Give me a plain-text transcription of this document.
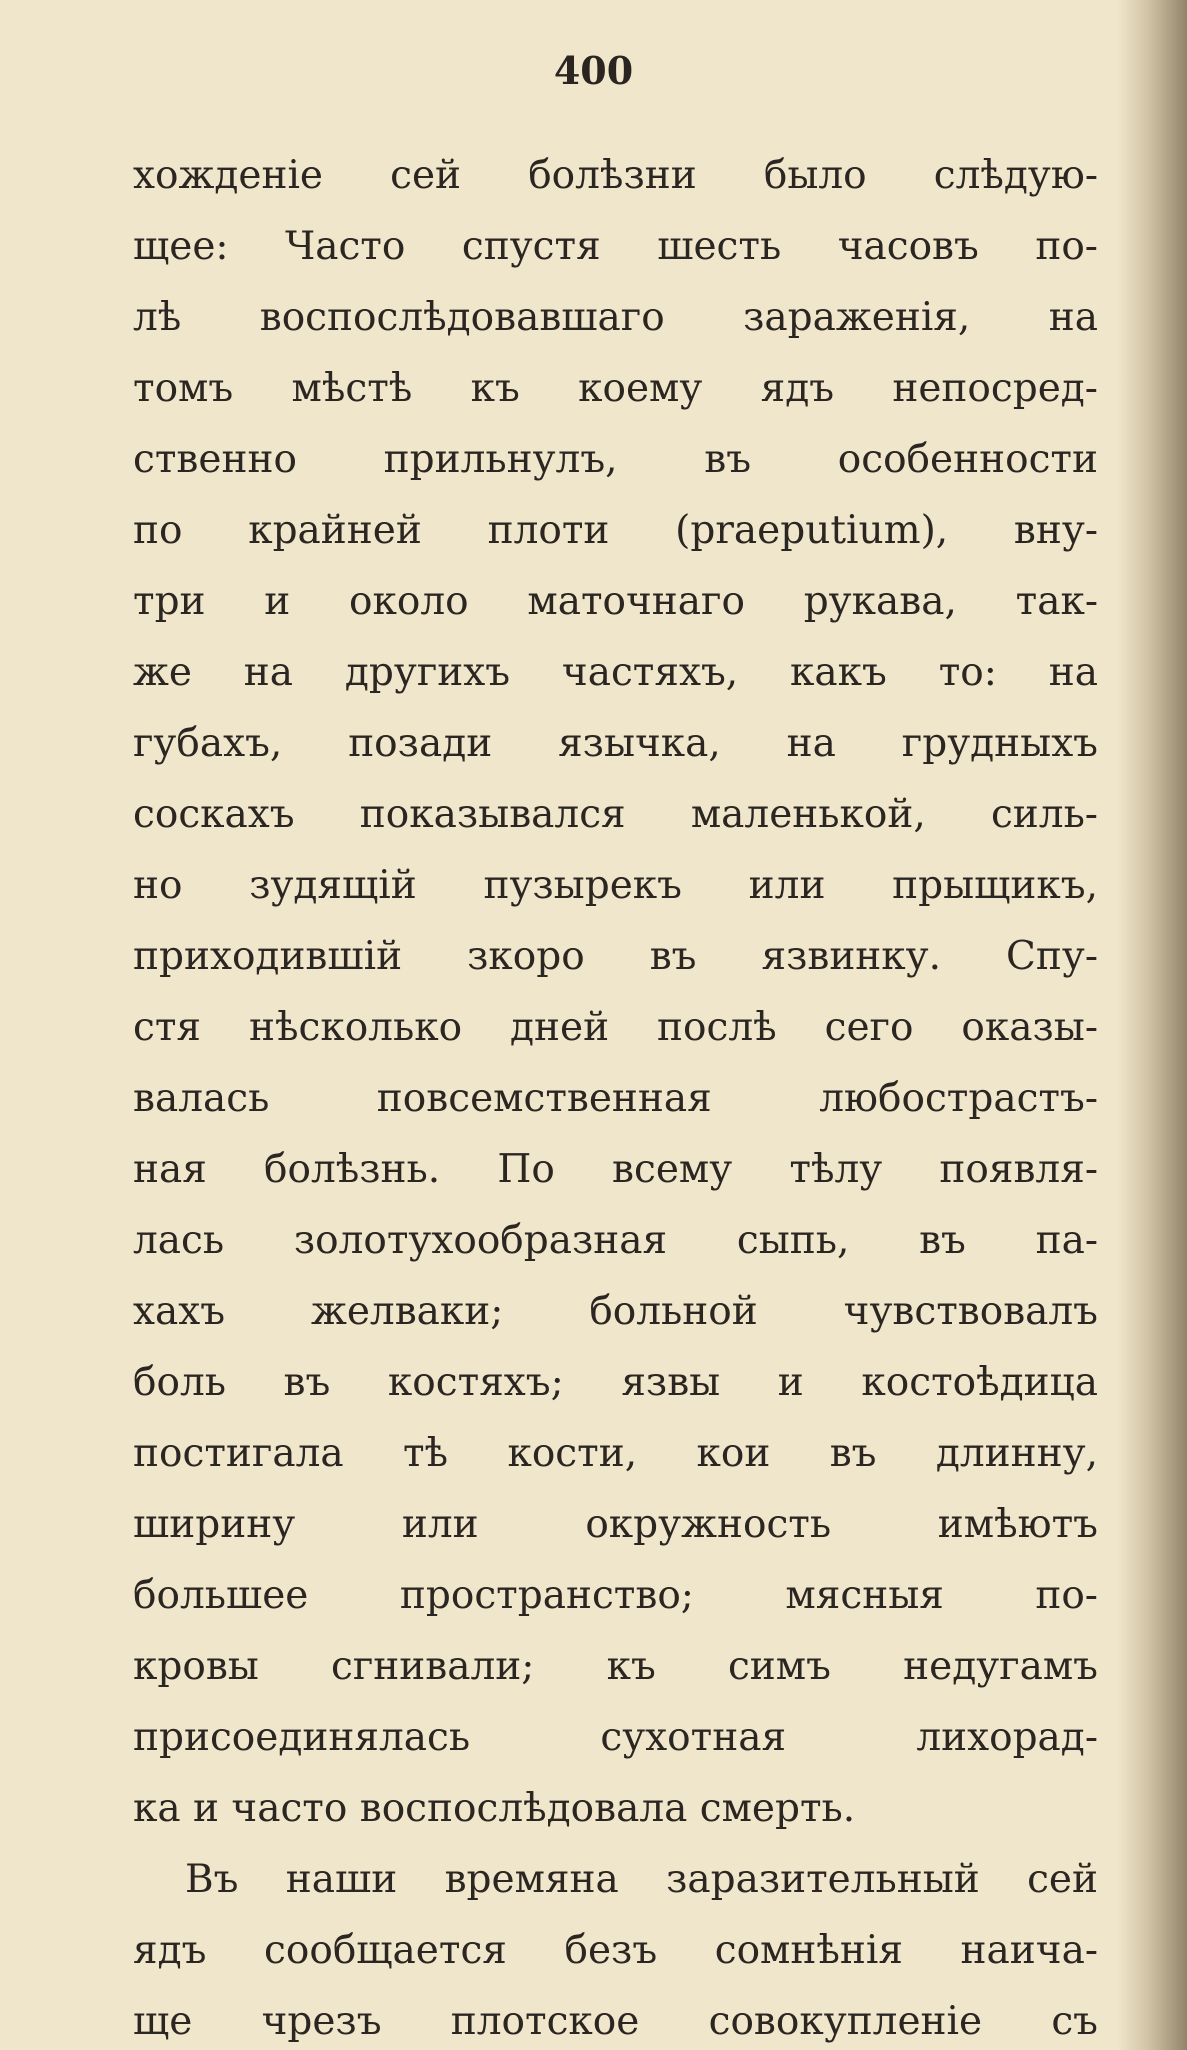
400
хожденіе сей болѣзни было слѣдую-
щее: Часто спустя шесть часовъ по-
лѣ воспослѣдовавшаго зараженія, на
томъ мѣстѣ къ коему ядъ непосред-
ственно прильнулъ, въ особенности
по крайней плоти (praeputium), вну-
три и около маточнаго рукава, так-
же на другихъ частяхъ, какъ то: на
губахъ, позади язычка, на грудныхъ
соскахъ показывался маленькой, силь-
но зудящій пузырекъ или прыщикъ,
приходившій зкоро въ язвинку. Спу-
стя нѣсколько дней послѣ сего оказы-
валась повсемственная любострастъ-
ная болѣзнь. По всему тѣлу появля-
лась золотухообразная сыпь, въ па-
хахъ желваки; больной чувствовалъ
боль въ костяхъ; язвы и костоѣдица
постигала тѣ кости, кои въ длинну,
ширину или окружность имѣютъ
большее пространство; мясныя по-
кровы сгнивали; къ симъ недугамъ
присоединялась сухотная лихорад-
ка и часто воспослѣдовала смерть.
Въ наши времяна заразительный сей
ядъ сообщается безъ сомнѣнія наича-
ще чрезъ плотское совокупленіе съ
